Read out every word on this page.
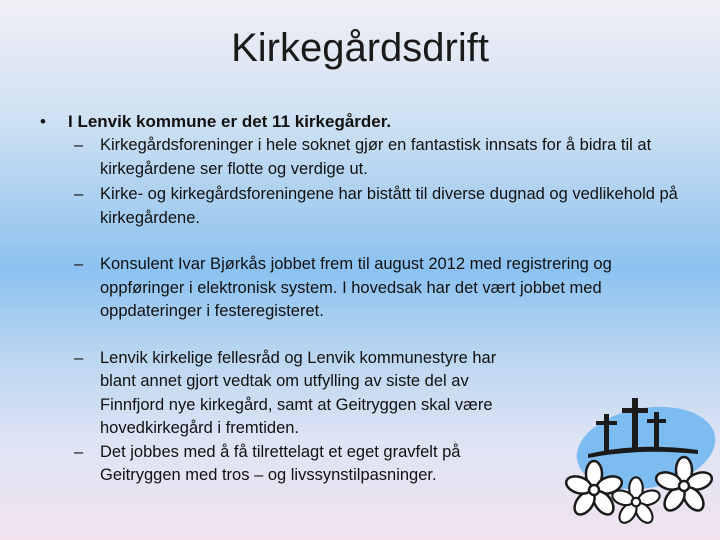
Kirkegårdsdrift
• I Lenvik kommune er det 11 kirkegårder.
– Kirkegårdsforeninger i hele soknet gjør en fantastisk innsats for å bidra til at kirkegårdene ser flotte og verdige ut.
– Kirke- og kirkegårdsforeningene har bistått til diverse dugnad og vedlikehold på kirkegårdene.
– Konsulent Ivar Bjørkås jobbet frem til august 2012 med registrering og oppføringer i elektronisk system. I hovedsak har det vært jobbet med oppdateringer i festeregisteret.
– Lenvik kirkelige fellesråd og Lenvik kommunestyre har blant annet gjort vedtak om utfylling av siste del av Finnfjord nye kirkegård, samt at Geitryggen skal være hovedkirkegård i fremtiden.
– Det jobbes med å få tilrettelagt et eget gravfelt på Geitryggen med tros – og livssynstilpasninger.
